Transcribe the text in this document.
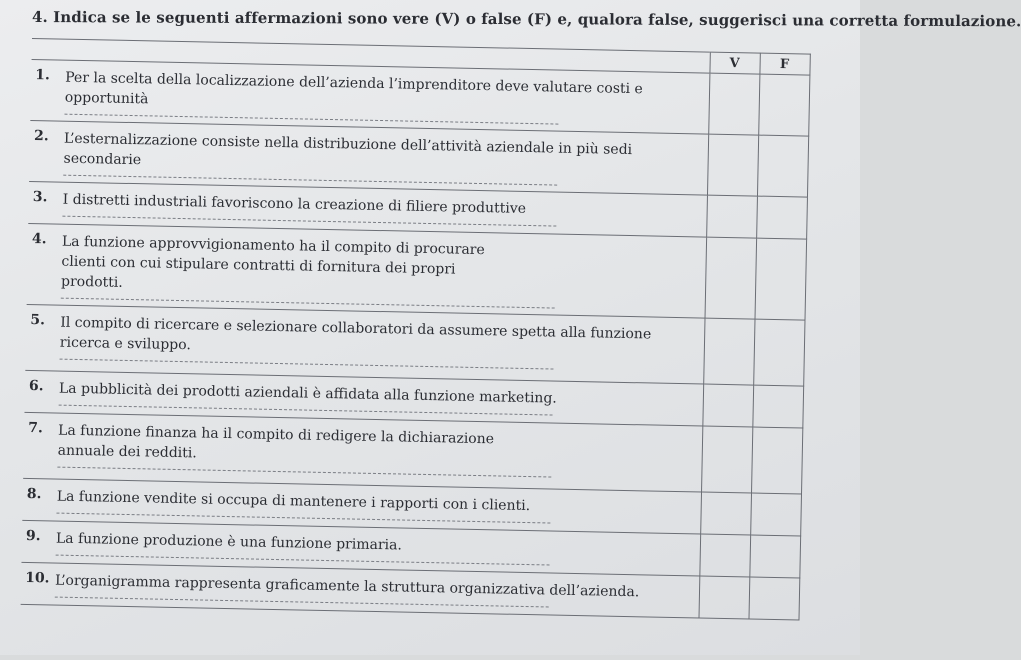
4. Indica se le seguenti affermazioni sono vere (V) o false (F) e, qualora false, suggerisci una corretta formulazione.
	V	F

1. Per la scelta della localizzazione dell’azienda l’imprenditore deve valutare costi e opportunità		

2. L’esternalizzazione consiste nella distribuzione dell’attività aziendale in più sedi secondarie		

3. I distretti industriali favoriscono la creazione di filiere produttive		

4. La funzione approvvigionamento ha il compito di procurare clienti con cui stipulare contratti di fornitura dei propri prodotti.		

5. Il compito di ricercare e selezionare collaboratori da assumere spetta alla funzione ricerca e sviluppo.		

6. La pubblicità dei prodotti aziendali è affidata alla funzione marketing.		

7. La funzione finanza ha il compito di redigere la dichiarazione annuale dei redditi.		

8. La funzione vendite si occupa di mantenere i rapporti con i clienti.		

9. La funzione produzione è una funzione primaria.		

10. L’organigramma rappresenta graficamente la struttura organizzativa dell’azienda.		
